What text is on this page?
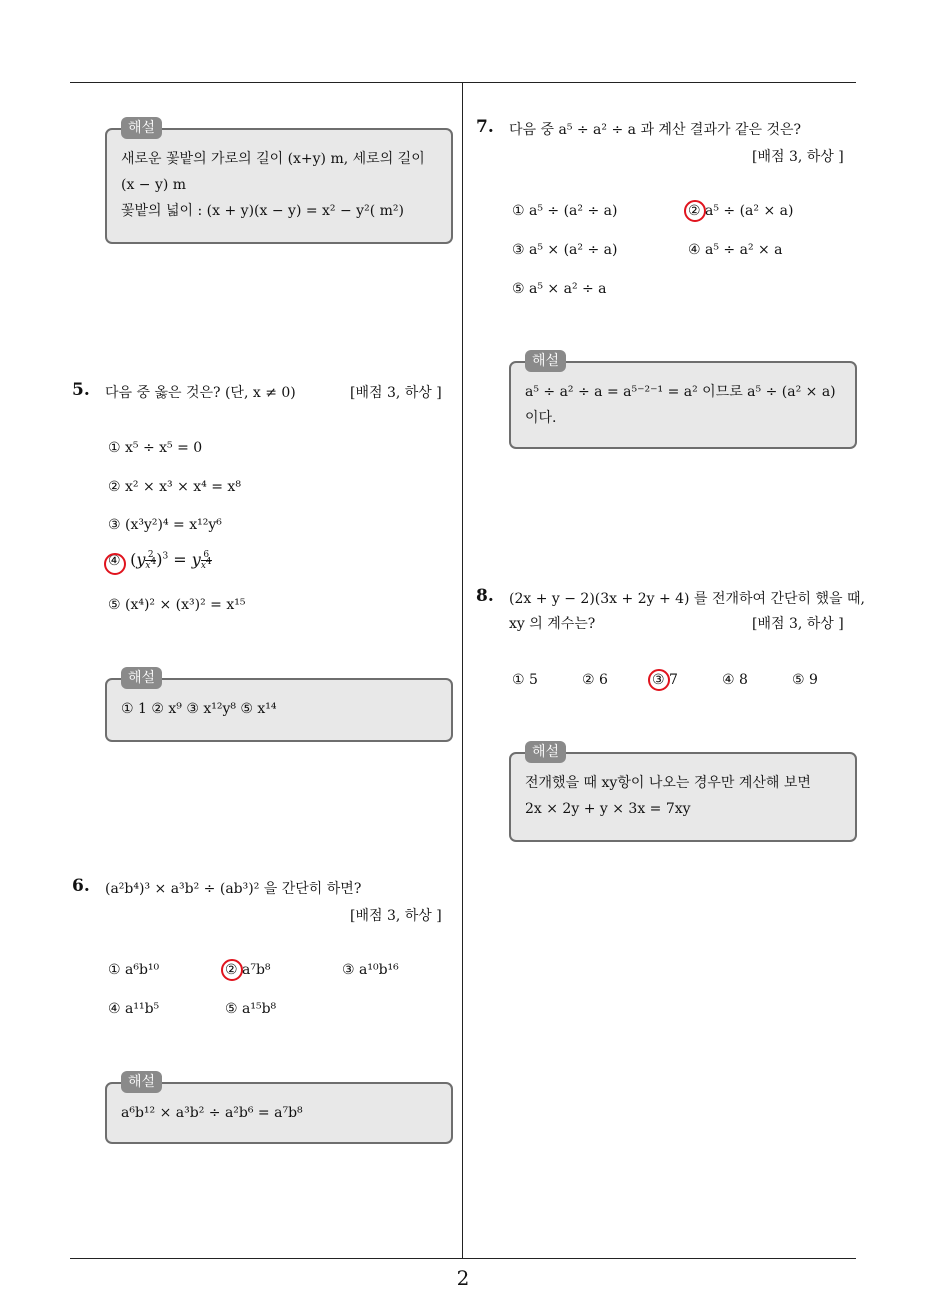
해설

새로운 꽃밭의 가로의 길이 (x+y) m, 세로의 길이

(x − y) m

꽃밭의 넓이 : (x + y)(x − y) = x² − y²( m²)

5. 다음 중 옳은 것은? (단, x ≠ 0)	[배점 3, 하상 ]
① x⁵ ÷ x⁵ = 0
② x² × x³ × x⁴ = x⁸
③ (x³y²)⁴ = x¹²y⁶
④  $(y \frac{2}{x^4} )^3 = y \frac{6}{x^4}$
⑤ (x⁴)² × (x³)² = x¹⁵
해설

① 1 ② x⁹ ③ x¹²y⁸ ⑤ x¹⁴

6. (a²b⁴)³ × a³b² ÷ (ab³)² 을 간단히 하면?
[배점 3, 하상 ]
① a⁶b¹⁰	② a⁷b⁸	③ a¹⁰b¹⁶
④ a¹¹b⁵	⑤ a¹⁵b⁸
해설

a⁶b¹² × a³b² ÷ a²b⁶ = a⁷b⁸

7. 다음 중 a⁵ ÷ a² ÷ a 과 계산 결과가 같은 것은?
[배점 3, 하상 ]
① a⁵ ÷ (a² ÷ a)	② a⁵ ÷ (a² × a)
③ a⁵ × (a² ÷ a)	④ a⁵ ÷ a² × a
⑤ a⁵ × a² ÷ a
해설

a⁵ ÷ a² ÷ a = a⁵⁻²⁻¹ = a² 이므로 a⁵ ÷ (a² × a)

이다.

8. (2x + y − 2)(3x + 2y + 4) 를 전개하여 간단히 했을 때,
xy 의 계수는?	[배점 3, 하상 ]
① 5	② 6	③ 7	④ 8	⑤ 9
해설

전개했을 때 xy항이 나오는 경우만 계산해 보면

2x × 2y + y × 3x = 7xy

2
